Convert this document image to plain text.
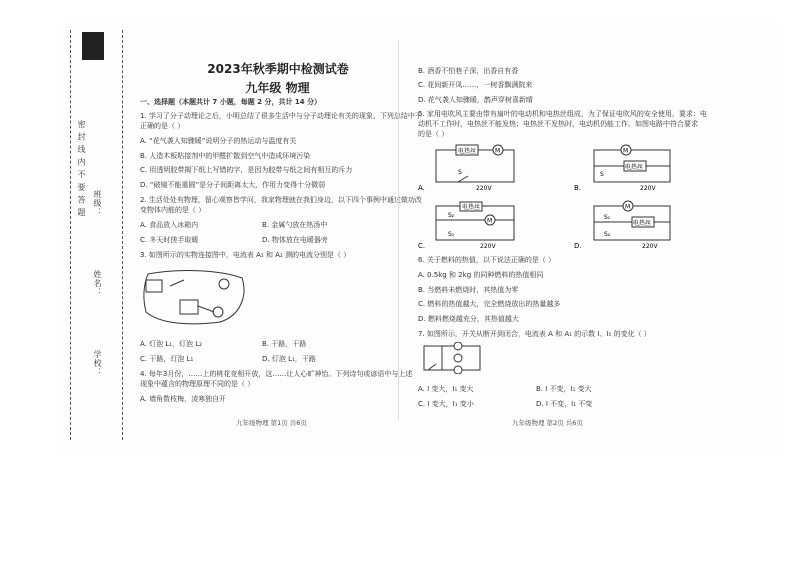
密 封 线 内 不 要 答 题 班级：
姓名：
学校：
2023年秋季期中检测试卷
九年级 物理
一、选择题（本题共计 7 小题，每题 2 分，共计 14 分）
1. 学习了分子动理论之后，小明总结了很多生活中与分子动理论有关的现象，下列总结中不
正确的是（ ）
A. “花气袭人知骤暖”说明分子的热运动与温度有关
B. 人造木板粘接剂中的甲醛扩散到空气中造成环境污染
C. 用透明胶带揭下纸上写错的字，是因为胶带与纸之间有相互的斥力
D. “破镜不能重圆”是分子间距离太大，作用力变得十分微弱
2. 生活处处有物理，留心观察皆学问，我家物理就在我们身边，以下四个事例中通过做功改
变物体内能的是（ ）
A. 食品放入冰箱内	B. 金属勺放在热汤中
C. 冬天时搓手取暖	D. 物体放在电暖器旁
3. 如图所示的实物连接图中，电流表 A₁ 和 A₂ 测的电流分别是（ ）
A. 灯泡 L₁，灯泡 L₂	B. 干路，干路
C. 干路，灯泡 L₁	D. 灯泡 L₁，干路
4. 每年3月份，……上的桃花竞相开放，这……让人心旷神怡。下列诗句或谚语中与上述
现象中蕴含的物理原理不同的是（ ）
A. 墙角数枝梅，凌寒独自开
九年级物理 第1页 共6页
B. 酒香不怕巷子深，出香自有香
C. 花间新开凤……，一树香飘满院来
D. 花气袭人知骤暖，鹊声穿树喜新晴
5. 家用电吹风主要由带有扇叶的电动机和电热丝组成，为了保证电吹风的安全使用，要求：电
动机不工作时，电热丝不能发热；电热丝不发热时，电动机仍能工作。如图电路中符合要求
的是（ ）
电热丝	M
S
220V
A.
M
电热丝
S
220V
B.
电热丝
M
S₂
S₁
220V
C.
M
电热丝
S₁
S₂
220V
D.
6. 关于燃料的热值，以下说法正确的是（ ）
A. 0.5kg 和 2kg 的同种燃料的热值相同
B. 当燃料未燃烧时，其热值为零
C. 燃料的热值越大，完全燃烧放出的热量越多
D. 燃料燃烧越充分，其热值越大
7. 如图所示，开关从断开到闭合，电流表 A 和 A₁ 的示数 I、I₁ 的变化（ ）
A. I 变大，I₁ 变大	B. I 不变，I₁ 变大
C. I 变大，I₁ 变小	D. I 不变，I₁ 不变
九年级物理 第2页 共6页
